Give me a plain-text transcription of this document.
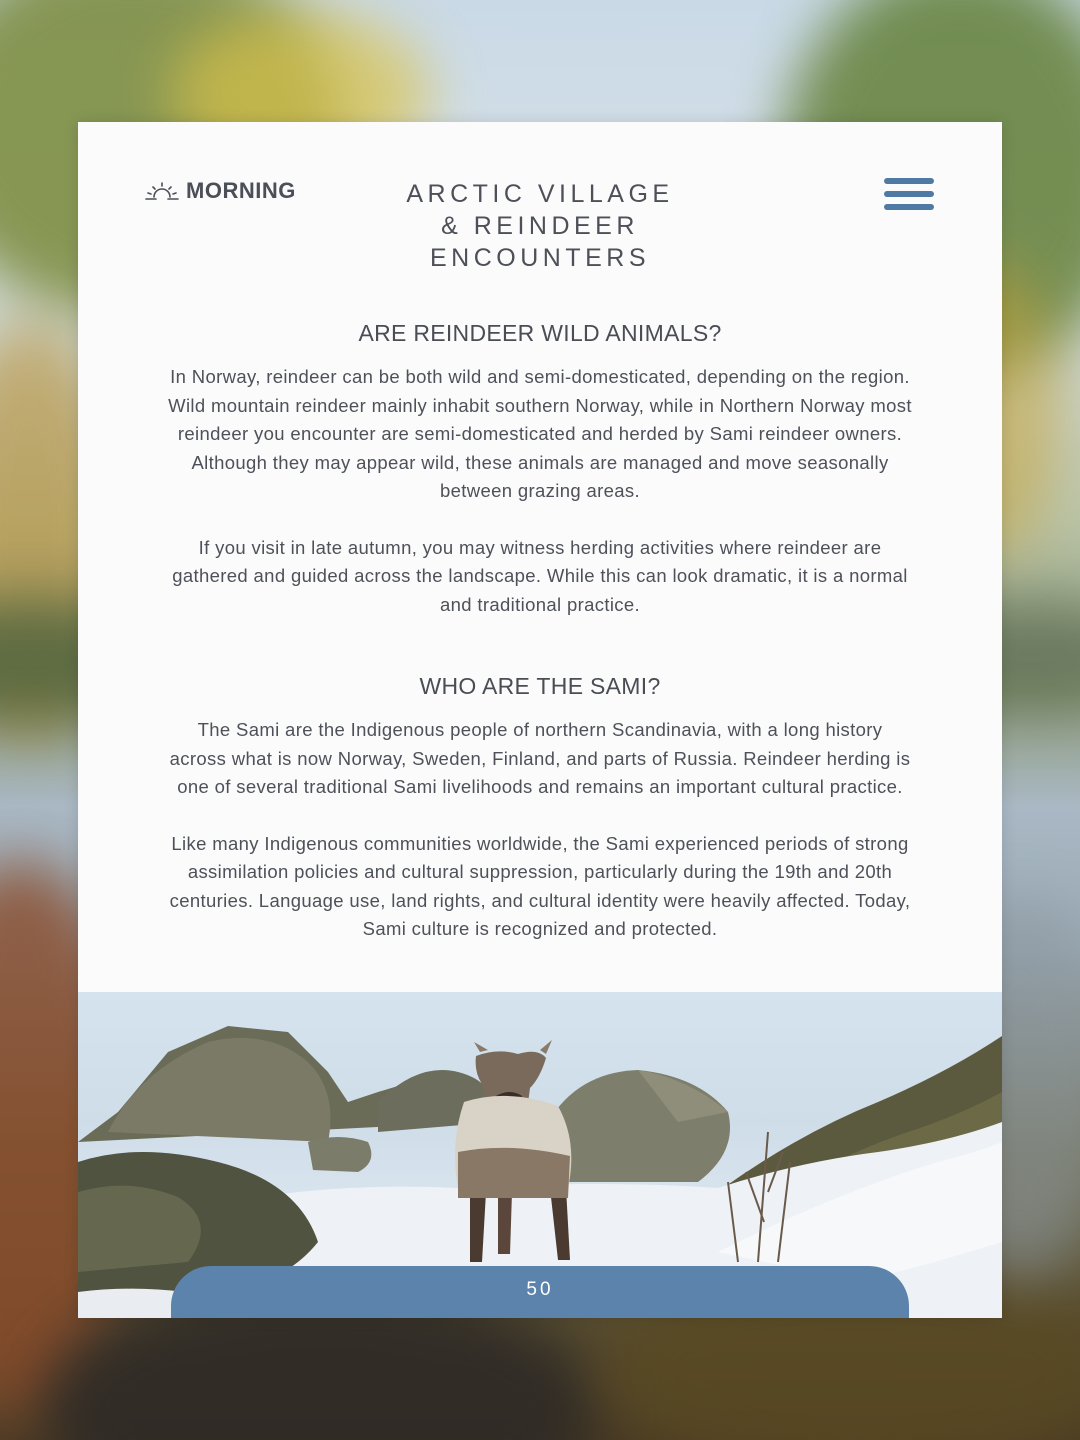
MORNING	ARCTIC VILLAGE
& REINDEER
ENCOUNTERS
ARE REINDEER WILD ANIMALS?

In Norway, reindeer can be both wild and semi-domesticated, depending on the region. Wild mountain reindeer mainly inhabit southern Norway, while in Northern Norway most reindeer you encounter are semi-domesticated and herded by Sami reindeer owners. Although they may appear wild, these animals are managed and move seasonally between grazing areas.

If you visit in late autumn, you may witness herding activities where reindeer are gathered and guided across the landscape. While this can look dramatic, it is a normal and traditional practice.

WHO ARE THE SAMI?

The Sami are the Indigenous people of northern Scandinavia, with a long history across what is now Norway, Sweden, Finland, and parts of Russia. Reindeer herding is one of several traditional Sami livelihoods and remains an important cultural practice.

Like many Indigenous communities worldwide, the Sami experienced periods of strong assimilation policies and cultural suppression, particularly during the 19th and 20th centuries. Language use, land rights, and cultural identity were heavily affected. Today, Sami culture is recognized and protected.

50
